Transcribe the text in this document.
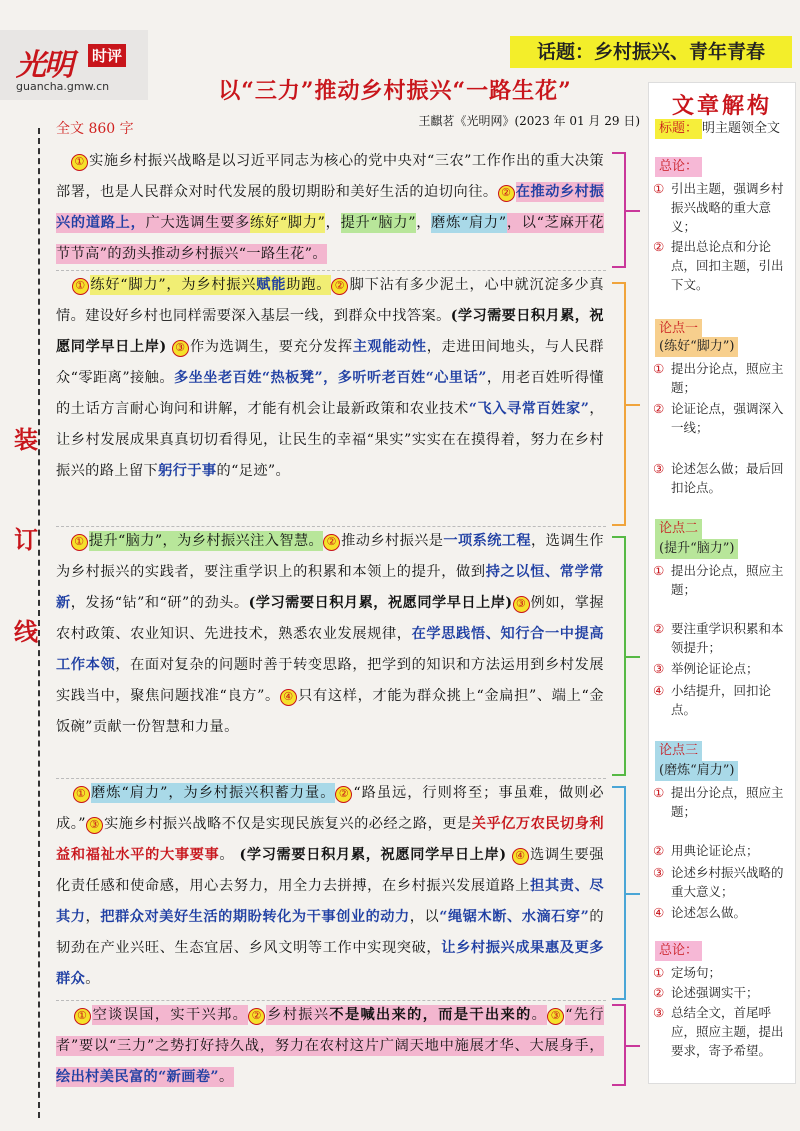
光明 时评
guancha.gmw.cn
话题：乡村振兴、青年青春
以“三力”推动乡村振兴“一路生花”
王麒茗《光明网》(2023 年 01 月 29 日)
全文 860 字
装
订
线
① 实施乡村振兴战略是以习近平同志为核心的党中央对“三农”工作作出的重大决策部署，也是人民群众对时代发展的殷切期盼和美好生活的迫切向往。 ② 在推动乡村振兴的道路上，广大选调生要多练好“脚力”，提升“脑力”，磨炼“肩力”，以“芝麻开花节节高”的劲头推动乡村振兴“一路生花”。
① 练好“脚力”，为乡村振兴赋能助跑。 ② 脚下沾有多少泥土，心中就沉淀多少真情。建设好乡村也同样需要深入基层一线，到群众中找答案。(学习需要日积月累，祝愿同学早日上岸) ③ 作为选调生，要充分发挥主观能动性，走进田间地头，与人民群众“零距离”接触。多坐坐老百姓“热板凳”，多听听老百姓“心里话”，用老百姓听得懂的土话方言耐心询问和讲解，才能有机会让最新政策和农业技术“飞入寻常百姓家”，让乡村发展成果真真切切看得见，让民生的幸福“果实”实实在在摸得着，努力在乡村振兴的路上留下躬行于事的“足迹”。
① 提升“脑力”，为乡村振兴注入智慧。 ② 推动乡村振兴是一项系统工程，选调生作为乡村振兴的实践者，要注重学识上的积累和本领上的提升，做到持之以恒、常学常新，发扬“钻”和“研”的劲头。(学习需要日积月累，祝愿同学早日上岸) ③ 例如，掌握农村政策、农业知识、先进技术，熟悉农业发展规律，在学思践悟、知行合一中提高工作本领，在面对复杂的问题时善于转变思路，把学到的知识和方法运用到乡村发展实践当中，聚焦问题找准“良方”。 ④ 只有这样，才能为群众挑上“金扁担”、端上“金饭碗”贡献一份智慧和力量。
① 磨炼“肩力”，为乡村振兴积蓄力量。 ② “路虽远，行则将至；事虽难，做则必成。” ③ 实施乡村振兴战略不仅是实现民族复兴的必经之路，更是关乎亿万农民切身利益和福祉水平的大事要事。 (学习需要日积月累，祝愿同学早日上岸) ④ 选调生要强化责任感和使命感，用心去努力，用全力去拼搏，在乡村振兴发展道路上担其责、尽其力，把群众对美好生活的期盼转化为干事创业的动力，以“绳锯木断、水滴石穿”的韧劲在产业兴旺、生态宜居、乡风文明等工作中实现突破，让乡村振兴成果惠及更多群众。
① 空谈误国，实干兴邦。 ② 乡村振兴不是喊出来的，而是干出来的。 ③ “先行者”要以“三力”之势打好持久战，努力在农村这片广阔天地中施展才华、大展身手，绘出村美民富的“新画卷”。
文章解构
标题： 明主题领全文
总论：
① 引出主题，强调乡村振兴战略的重大意义；
② 提出总论点和分论点，回扣主题，引出下文。
论点一
(练好“脚力”)
① 提出分论点，照应主题；
② 论证论点，强调深入一线；
③ 论述怎么做；最后回扣论点。
论点二
(提升“脑力”)
① 提出分论点，照应主题；
② 要注重学识积累和本领提升；
③ 举例论证论点；
④ 小结提升，回扣论点。
论点三
(磨炼“肩力”)
① 提出分论点，照应主题；
② 用典论证论点；
③ 论述乡村振兴战略的重大意义；
④ 论述怎么做。
总论：
① 定场句；
② 论述强调实干；
③ 总结全文，首尾呼应，照应主题，提出要求，寄予希望。
